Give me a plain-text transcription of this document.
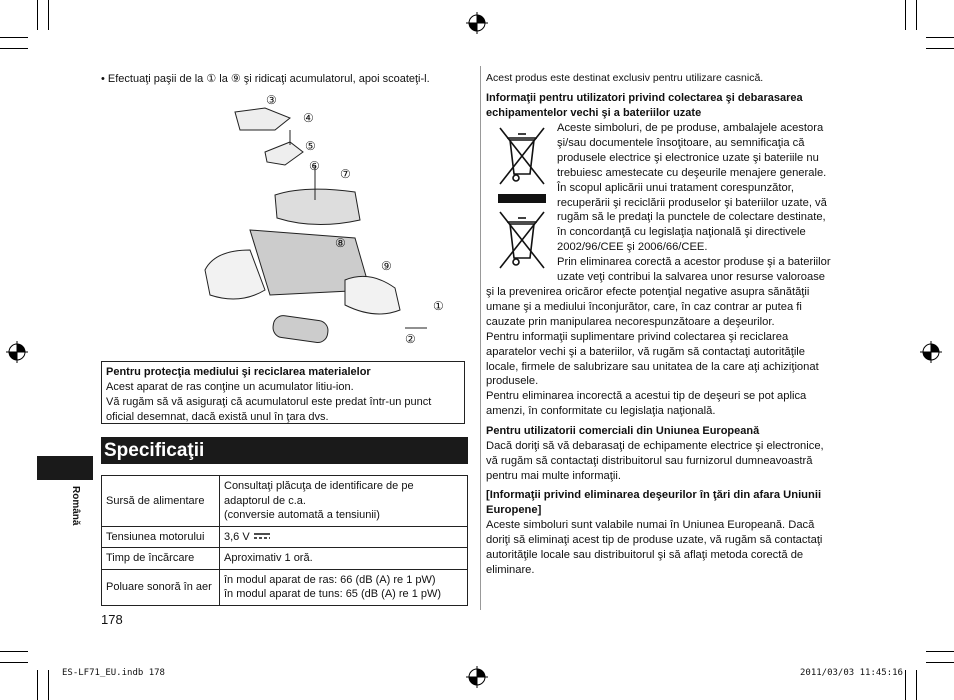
Română
• Efectuaţi paşii de la ① la ⑨ şi ridicaţi acumulatorul, apoi scoateţi-l.
③
④
⑤
⑥
⑦
⑧
⑨
①
②
Pentru protecţia mediului şi reciclarea materialelor
Acest aparat de ras conţine un acumulator litiu-ion.
Vă rugăm să vă asiguraţi că acumulatorul este predat într-un punct
oficial desemnat, dacă există unul în ţara dvs.
Specificaţii
Sursă de alimentare	Consultaţi plăcuţa de identificare de pe
adaptorul de c.a.
(conversie automată a tensiunii)

Tensiunea motorului	3,6 V
Timp de încărcare	Aproximativ 1 oră.
Poluare sonoră în aer	în modul aparat de ras: 66 (dB (A) re 1 pW)
în modul aparat de tuns: 65 (dB (A) re 1 pW)
178
Acest produs este destinat exclusiv pentru utilizare casnică.
Informaţii pentru utilizatori privind colectarea şi debarasarea
echipamentelor vechi şi a bateriilor uzate
Aceste simboluri, de pe produse, ambalajele acestora
şi/sau documentele însoţitoare, au semnificaţia că
produsele electrice şi electronice uzate şi bateriile nu
trebuiesc amestecate cu deşeurile menajere generale.
În scopul aplicării unui tratament corespunzător,
recuperării şi reciclării produselor şi bateriilor uzate, vă
rugăm să le predaţi la punctele de colectare destinate,
în concordanţă cu legislaţia naţională şi directivele
2002/96/CEE şi 2006/66/CEE.
Prin eliminarea corectă a acestor produse şi a bateriilor
uzate veţi contribui la salvarea unor resurse valoroase
şi la prevenirea oricăror efecte potenţial negative asupra sănătăţii
umane şi a mediului înconjurător, care, în caz contrar ar putea fi
cauzate prin manipularea necorespunzătoare a deşeurilor.
Pentru informaţii suplimentare privind colectarea şi reciclarea
aparatelor vechi şi a bateriilor, vă rugăm să contactaţi autorităţile
locale, firmele de salubrizare sau unitatea de la care aţi achiziţionat
produsele.
Pentru eliminarea incorectă a acestui tip de deşeuri se pot aplica
amenzi, în conformitate cu legislaţia naţională.
Pentru utilizatorii comerciali din Uniunea Europeană
Dacă doriţi să vă debarasaţi de echipamente electrice şi electronice,
vă rugăm să contactaţi distribuitorul sau furnizorul dumneavoastră
pentru mai multe informaţii.
[Informaţii privind eliminarea deşeurilor în ţări din afara Uniunii
Europene]
Aceste simboluri sunt valabile numai în Uniunea Europeană. Dacă
doriţi să eliminaţi acest tip de produse uzate, vă rugăm să contactaţi
autorităţile locale sau distribuitorul şi să aflaţi metoda corectă de
eliminare.
ES-LF71_EU.indb 178	2011/03/03 11:45:16
